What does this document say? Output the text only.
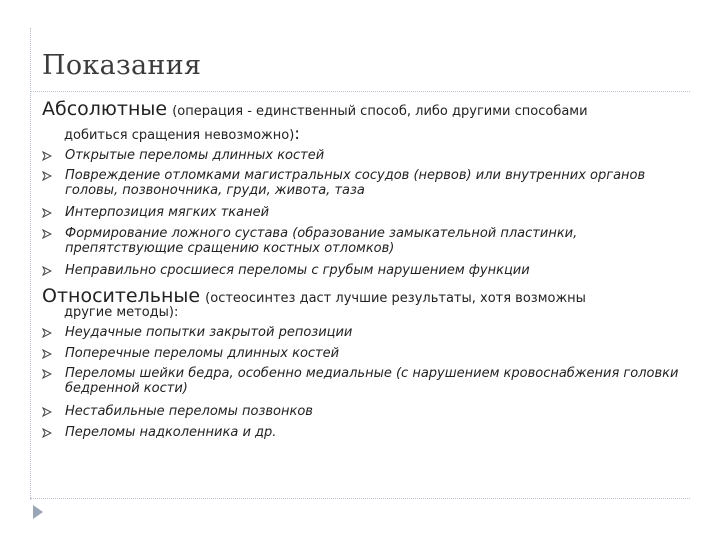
Показания
Абсолютные (операция - единственный способ, либо другими способами
добиться сращения невозможно):
Открытые переломы длинных костей
Повреждение отломками магистральных сосудов (нервов) или внутренних органов головы, позвоночника, груди, живота, таза
Интерпозиция мягких тканей
Формирование ложного сустава (образование замыкательной пластинки, препятствующие сращению костных отломков)
Неправильно сросшиеся переломы с грубым нарушением функции
Относительные (остеосинтез даст лучшие результаты, хотя возможны
другие методы):
Неудачные попытки закрытой репозиции
Поперечные переломы длинных костей
Переломы шейки бедра, особенно медиальные (с нарушением кровоснабжения головки бедренной кости)
Нестабильные переломы позвонков
Переломы надколенника и др.
